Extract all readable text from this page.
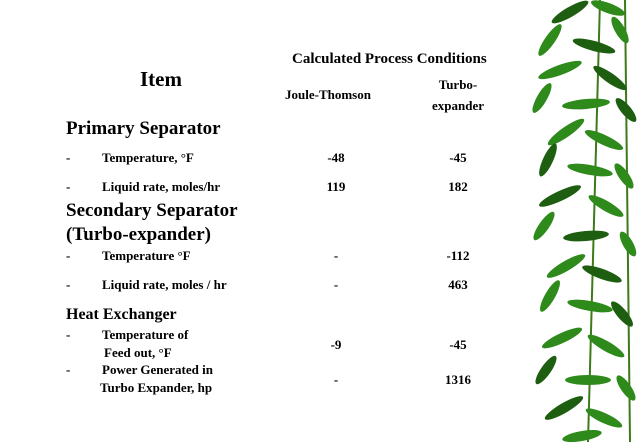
Calculated Process Conditions
Item
Joule-Thomson
Turbo-
expander
Primary Separator
- Temperature, °F	-48	-45
- Liquid rate, moles/hr	119	182
Secondary Separator
(Turbo-expander)
- Temperature °F	-	-112
- Liquid rate, moles / hr	-	463
Heat Exchanger
- Temperature of
Feed out, °F
-9	-45
- Power Generated in
Turbo Expander, hp
-	1316
